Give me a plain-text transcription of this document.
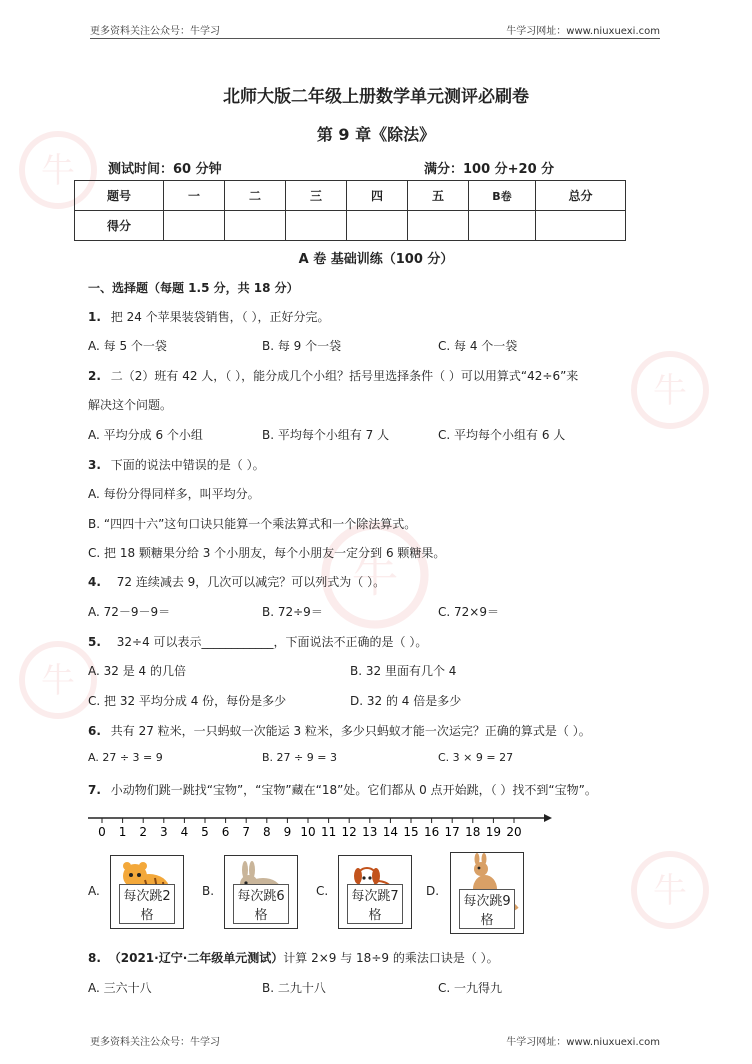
牛
牛
牛
牛
牛
更多资料关注公众号：牛学习	牛学习网址：www.niuxuexi.com
北师大版二年级上册数学单元测评必刷卷
第 9 章《除法》
测试时间：60 分钟	满分：100 分+20 分
题号	一	二	三	四	五	B卷	总分
得分							
A 卷 基础训练（100 分）
一、选择题（每题 1.5 分，共 18 分）
1. 把 24 个苹果装袋销售，（ ），正好分完。
A. 每 5 个一袋	B. 每 9 个一袋	C. 每 4 个一袋
2. 二（2）班有 42 人，（ ），能分成几个小组？括号里选择条件（ ）可以用算式“42÷6”来
解决这个问题。
A. 平均分成 6 个小组	B. 平均每个小组有 7 人	C. 平均每个小组有 6 人
3. 下面的说法中错误的是（ ）。
A. 每份分得同样多，叫平均分。
B. “四四十六”这句口诀只能算一个乘法算式和一个除法算式。
C. 把 18 颗糖果分给 3 个小朋友，每个小朋友一定分到 6 颗糖果。
4. 72 连续减去 9，几次可以减完？可以列式为（ ）。
A. 72－9－9＝	B. 72÷9＝	C. 72×9＝
5. 32÷4 可以表示____________，下面说法不正确的是（ ）。
A. 32 是 4 的几倍	B. 32 里面有几个 4
C. 把 32 平均分成 4 份，每份是多少	D. 32 的 4 倍是多少
6. 共有 27 粒米，一只蚂蚁一次能运 3 粒米，多少只蚂蚁才能一次运完？正确的算式是（ ）。
A. 27 ÷ 3 = 9	B. 27 ÷ 9 = 3	C. 3 × 9 = 27
7. 小动物们跳一跳找“宝物”，“宝物”藏在“18”处。它们都从 0 点开始跳，（ ）找不到“宝物”。
0 1 2 3 4 5 6 7 8 9 10 11 12 13 14 15 16 17 18 19 20
A.	每次跳2格
B.	每次跳6格
C.	每次跳7格
D.
每次跳9格
8. （2021·辽宁·二年级单元测试）计算 2×9 与 18÷9 的乘法口诀是（ ）。
A. 三六十八	B. 二九十八	C. 一九得九
更多资料关注公众号：牛学习	牛学习网址：www.niuxuexi.com
